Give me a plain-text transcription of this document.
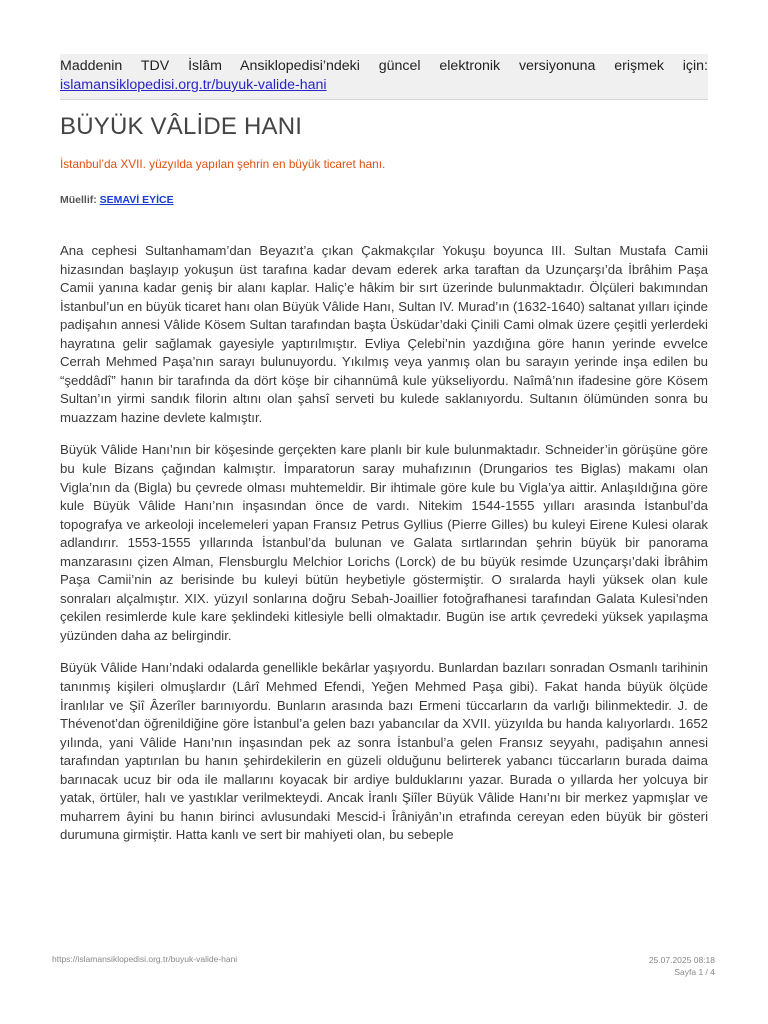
Maddenin TDV İslâm Ansiklopedisi’ndeki güncel elektronik versiyonuna erişmek için:
islamansiklopedisi.org.tr/buyuk-valide-hani
BÜYÜK VÂLİDE HANI
İstanbul’da XVII. yüzyılda yapılan şehrin en büyük ticaret hanı.
Müellif: SEMAVİ EYİCE

Ana cephesi Sultanhamam’dan Beyazıt’a çıkan Çakmakçılar Yokuşu boyunca III. Sultan Mustafa Camii hizasından başlayıp yokuşun üst tarafına kadar devam ederek arka taraftan da Uzunçarşı’da İbrâhim Paşa Camii yanına kadar geniş bir alanı kaplar. Haliç’e hâkim bir sırt üzerinde bulunmaktadır. Ölçüleri bakımından İstanbul’un en büyük ticaret hanı olan Büyük Vâlide Hanı, Sultan IV. Murad’ın (1632-1640) saltanat yılları içinde padişahın annesi Vâlide Kösem Sultan tarafından başta Üsküdar’daki Çinili Cami olmak üzere çeşitli yerlerdeki hayratına gelir sağlamak gayesiyle yaptırılmıştır. Evliya Çelebi’nin yazdığına göre hanın yerinde evvelce Cerrah Mehmed Paşa’nın sarayı bulunuyordu. Yıkılmış veya yanmış olan bu sarayın yerinde inşa edilen bu “şeddâdî” hanın bir tarafında da dört köşe bir cihannümâ kule yükseliyordu. Naîmâ’nın ifadesine göre Kösem Sultan’ın yirmi sandık filorin altını olan şahsî serveti bu kulede saklanıyordu. Sultanın ölümünden sonra bu muazzam hazine devlete kalmıştır.

Büyük Vâlide Hanı’nın bir köşesinde gerçekten kare planlı bir kule bulunmaktadır. Schneider’in görüşüne göre bu kule Bizans çağından kalmıştır. İmparatorun saray muhafızının (Drungarios tes Biglas) makamı olan Vigla’nın da (Bigla) bu çevrede olması muhtemeldir. Bir ihtimale göre kule bu Vigla’ya aittir. Anlaşıldığına göre kule Büyük Vâlide Hanı’nın inşasından önce de vardı. Nitekim 1544-1555 yılları arasında İstanbul’da topografya ve arkeoloji incelemeleri yapan Fransız Petrus Gyllius (Pierre Gilles) bu kuleyi Eirene Kulesi olarak adlandırır. 1553-1555 yıllarında İstanbul’da bulunan ve Galata sırtlarından şehrin büyük bir panorama manzarasını çizen Alman, Flensburglu Melchior Lorichs (Lorck) de bu büyük resimde Uzunçarşı’daki İbrâhim Paşa Camii’nin az berisinde bu kuleyi bütün heybetiyle göstermiştir. O sıralarda hayli yüksek olan kule sonraları alçalmıştır. XIX. yüzyıl sonlarına doğru Sebah-Joaillier fotoğrafhanesi tarafından Galata Kulesi’nden çekilen resimlerde kule kare şeklindeki kitlesiyle belli olmaktadır. Bugün ise artık çevredeki yüksek yapılaşma yüzünden daha az belirgindir.

Büyük Vâlide Hanı’ndaki odalarda genellikle bekârlar yaşıyordu. Bunlardan bazıları sonradan Osmanlı tarihinin tanınmış kişileri olmuşlardır (Lârî Mehmed Efendi, Yeğen Mehmed Paşa gibi). Fakat handa büyük ölçüde İranlılar ve Şiî Âzerîler barınıyordu. Bunların arasında bazı Ermeni tüccarların da varlığı bilinmektedir. J. de Thévenot’dan öğrenildiğine göre İstanbul’a gelen bazı yabancılar da XVII. yüzyılda bu handa kalıyorlardı. 1652 yılında, yani Vâlide Hanı’nın inşasından pek az sonra İstanbul’a gelen Fransız seyyahı, padişahın annesi tarafından yaptırılan bu hanın şehirdekilerin en güzeli olduğunu belirterek yabancı tüccarların burada daima barınacak ucuz bir oda ile mallarını koyacak bir ardiye bulduklarını yazar. Burada o yıllarda her yolcuya bir yatak, örtüler, halı ve yastıklar verilmekteydi. Ancak İranlı Şiîler Büyük Vâlide Hanı’nı bir merkez yapmışlar ve muharrem âyini bu hanın birinci avlusundaki Mescid-i Îrâniyân’ın etrafında cereyan eden büyük bir gösteri durumuna girmiştir. Hatta kanlı ve sert bir mahiyeti olan, bu sebeple

https://islamansiklopedisi.org.tr/buyuk-valide-hani	25.07.2025 08:18
Sayfa 1 / 4
